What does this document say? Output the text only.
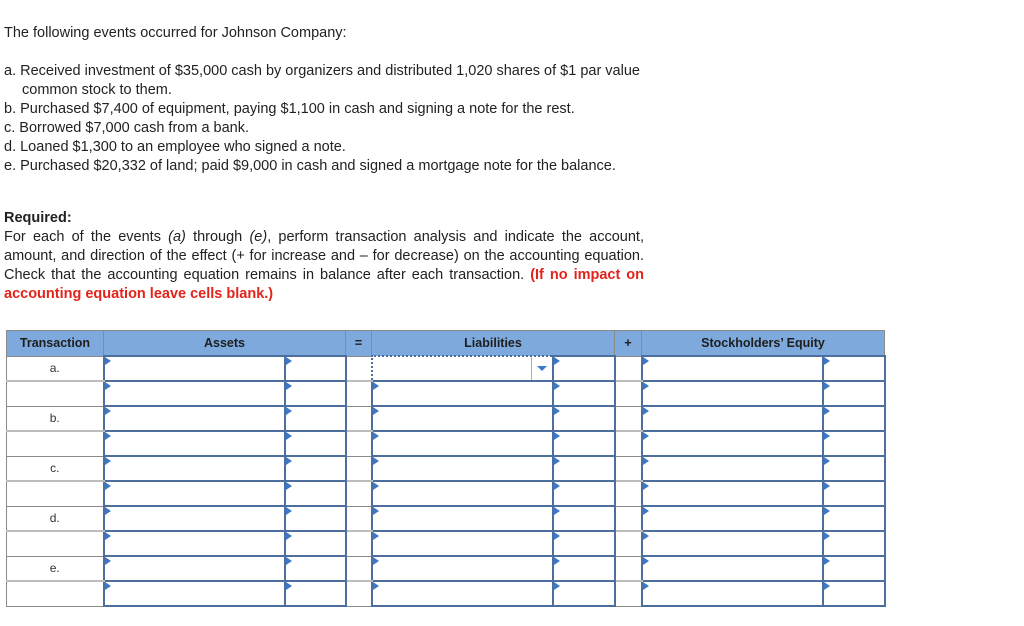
The following events occurred for Johnson Company:
a. Received investment of $35,000 cash by organizers and distributed 1,020 shares of $1 par value common stock to them.
b. Purchased $7,400 of equipment, paying $1,100 in cash and signing a note for the rest.
c. Borrowed $7,000 cash from a bank.
d. Loaned $1,300 to an employee who signed a note.
e. Purchased $20,332 of land; paid $9,000 in cash and signed a mortgage note for the balance.
Required:
For each of the events (a) through (e), perform transaction analysis and indicate the account, amount, and direction of the effect (+ for increase and – for decrease) on the accounting equation. Check that the accounting equation remains in balance after each transaction. (If no impact on accounting equation leave cells blank.)
Transaction	Assets		=	Liabilities		+	Stockholders’ Equity	
a.				

b.								

c.								

d.								

e.								
